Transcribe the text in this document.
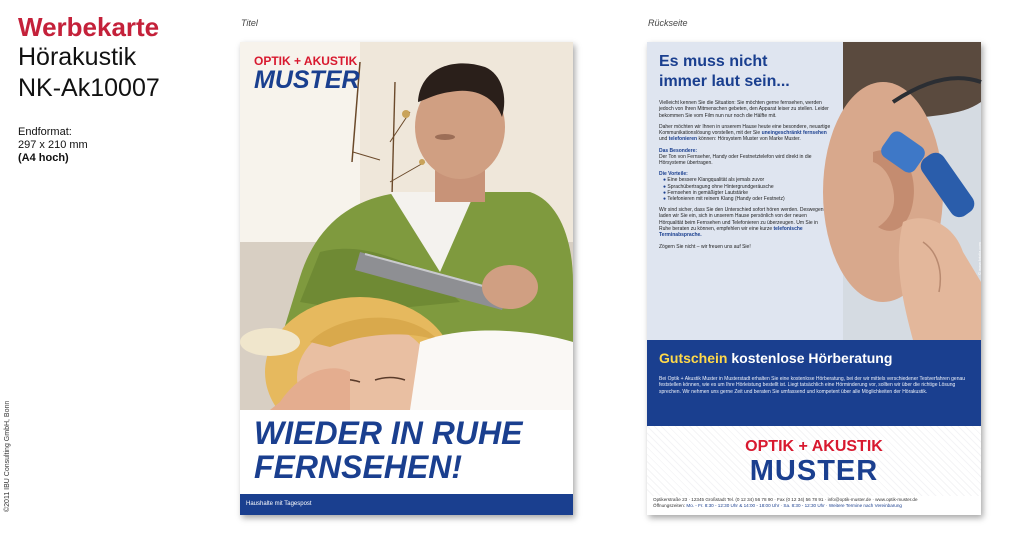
Werbekarte
Hörakustik
NK-Ak10007
Endformat:
297 x 210 mm
(A4 hoch)
©2011 IBU Consulting GmbH, Bonn
Titel	Rückseite
OPTIK + AKUSTIK
MUSTER
WIEDER IN RUHE
FERNSEHEN!
Haushalte mit Tagespost
Es muss nicht
immer laut sein...
Vielleicht kennen Sie die Situation: Sie möchten gerne fernsehen, werden jedoch von Ihren Mitmenschen gebeten, den Apparat leiser zu stellen. Leider bekommen Sie vom Film nun nur noch die Hälfte mit.
Daher möchten wir Ihnen in unserem Hause heute eine besondere, neuartige Kommunikationslösung vorstellen, mit der Sie uneingeschränkt fernsehen und telefonieren können: Hörsystem Muster von Marke Muster.
Das Besondere:
Der Ton von Fernseher, Handy oder Festnetztelefon wird direkt in die Hörsysteme übertragen.
Die Vorteile:
● Eine bessere Klangqualität als jemals zuvor
● Sprachübertragung ohne Hintergrundgeräusche
● Fernsehen in gemäßigter Lautstärke
● Telefonieren mit reinem Klang (Handy oder Festnetz)
Wir sind sicher, dass Sie den Unterschied sofort hören werden. Deswegen laden wir Sie ein, sich in unserem Hause persönlich von der neuen Hörqualität beim Fernsehen und Telefonieren zu überzeugen. Um Sie in Ruhe beraten zu können, empfehlen wir eine kurze telefonische Terminabsprache.
Zögern Sie nicht – wir freuen uns auf Sie!	© www.fotolia.com
Gutschein kostenlose Hörberatung
Bei Optik + Akustik Muster in Musterstadt erhalten Sie eine kostenlose Hörberatung, bei der wir mittels verschiedener Testverfahren genau feststellen können, wie es um Ihre Hörleistung bestellt ist. Liegt tatsächlich eine Hörminderung vor, sollten wir über die richtige Lösung sprechen. Wir nehmen uns gerne Zeit und beraten Sie umfassend und kompetent über alle Möglichkeiten der Hörakustik.
OPTIK + AKUSTIK
MUSTER
Optikerstraße 23 · 12345 Großstadt Tel. (0 12 34) 56 78 90 · Fax (0 12 34) 56 78 91 · info@optik-muster.de · www.optik-muster.de
Öffnungszeiten: Mo. - Fr. 8:30 - 12:30 Uhr & 14:00 - 18:00 Uhr · Sa. 8:30 - 12:30 Uhr · Weitere Termine nach Vereinbarung
